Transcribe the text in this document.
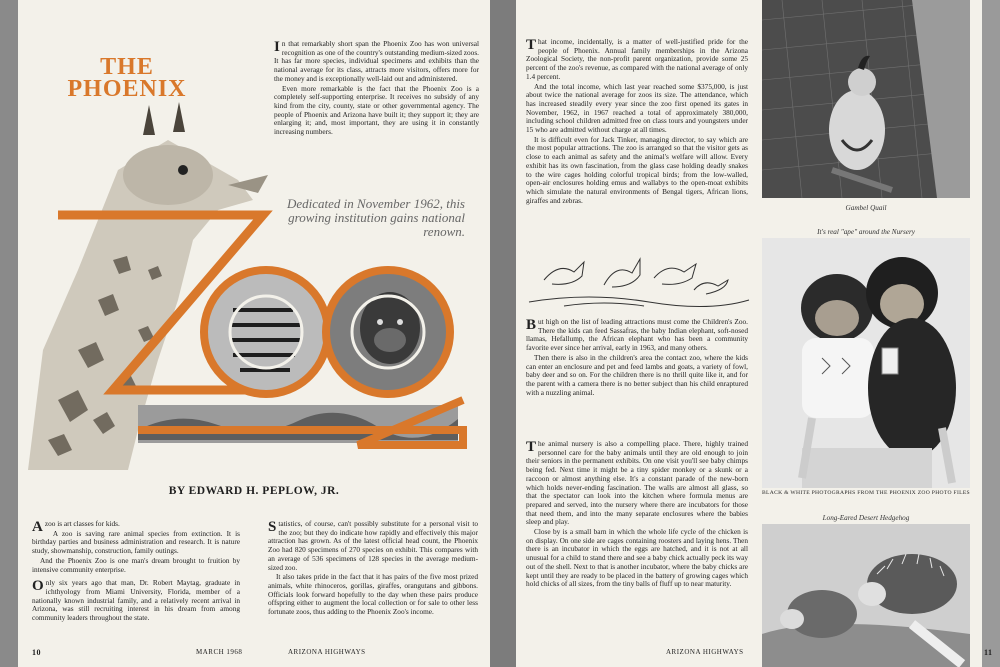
THE PHOENIX
Dedicated in November 1962, this growing institution gains national renown.

In that remarkably short span the Phoenix Zoo has won universal recognition as one of the country's outstanding medium-sized zoos. It has far more species, individual specimens and exhibits than the national average for its class, attracts more visitors, offers more for the money and is exceptionally well-laid out and administered.

Even more remarkable is the fact that the Phoenix Zoo is a completely self-supporting enterprise. It receives no subsidy of any kind from the city, county, state or other governmental agency. The people of Phoenix and Arizona have built it; they support it; they are enlarging it; and, most important, they are using it in constantly increasing numbers.

BY EDWARD H. PEPLOW, JR.

Azoo is art classes for kids.

A zoo is saving rare animal species from extinction. It is birthday parties and business administration and research. It is nature study, showmanship, construction, family outings.

And the Phoenix Zoo is one man's dream brought to fruition by intensive community enterprise.

Only six years ago that man, Dr. Robert Maytag, graduate in ichthyology from Miami University, Florida, member of a nationally known industrial family, and a relatively recent arrival in Arizona, was still recruiting interest in his dream from among community leaders throughout the state.

Statistics, of course, can't possibly substitute for a personal visit to the zoo; but they do indicate how rapidly and effectively this major attraction has grown. As of the latest official head count, the Phoenix Zoo had 820 specimens of 270 species on exhibit. This compares with an average of 536 specimens of 128 species in the average medium-sized zoo.

It also takes pride in the fact that it has pairs of the five most prized animals, white rhinoceros, gorillas, giraffes, orangutans and gibbons. Officials look forward hopefully to the day when these pairs produce offspring either to augment the local collection or for sale to other less fortunate zoos, thus adding to the Phoenix Zoo's income.

10	MARCH 1968	ARIZONA HIGHWAYS

That income, incidentally, is a matter of well-justified pride for the people of Phoenix. Annual family memberships in the Arizona Zoological Society, the non-profit parent organization, provide some 25 percent of the zoo's revenue, as compared with the national average of only 1.4 percent.

And the total income, which last year reached some $375,000, is just about twice the national average for zoos its size. The attendance, which has increased steadily every year since the zoo first opened its gates in November, 1962, in 1967 reached a total of approximately 380,000, including school children admitted free on class tours and youngsters under 15 who are admitted without charge at all times.

It is difficult even for Jack Tinker, managing director, to say which are the most popular attractions. The zoo is arranged so that the visitor gets as close to each animal as safety and the animal's welfare will allow. Every exhibit has its own fascination, from the glass case holding deadly snakes to the wire cages holding colorful tropical birds; from the low-walled, open-air enclosures holding emus and wallabys to the open-moat exhibits which simulate the natural environments of Bengal tigers, African lions, giraffes and zebras.

But high on the list of leading attractions must come the Children's Zoo. There the kids can feed Sassafras, the baby Indian elephant, soft-nosed llamas, Hefallump, the African elephant who has been a community favorite ever since her arrival, early in 1963, and many others.

Then there is also in the children's area the contact zoo, where the kids can enter an enclosure and pet and feed lambs and goats, a variety of fowl, baby deer and so on. For the children there is no thrill quite like it, and for the parent with a camera there is no better subject than his child enraptured with a nuzzling animal.

The animal nursery is also a compelling place. There, highly trained personnel care for the baby animals until they are old enough to join their seniors in the permanent exhibits. On one visit you'll see baby chimps being fed. Next time it might be a tiny spider monkey or a skunk or a raccoon or almost anything else. It's a constant parade of the new-born which holds never-ending fascination. The walls are almost all glass, so that the spectator can look into the kitchen where formula menus are prepared and served, into the nursery where there are incubators for those that need them, and into the many separate enclosures where the babies sleep and play.

Close by is a small barn in which the whole life cycle of the chicken is on display. On one side are cages containing roosters and laying hens. Then there is an incubator in which the eggs are hatched, and it is not at all unusual for a child to stand there and see a baby chick actually peck its way out of the shell. Next to that is another incubator, where the baby chicks are kept until they are ready to be placed in the battery of growing cages which hold chicks of all sizes, from the tiny balls of fluff up to near maturity.

Gambel Quail
It's real "ape" around the Nursery
BLACK & WHITE PHOTOGRAPHS FROM THE PHOENIX ZOO PHOTO FILES
Long-Eared Desert Hedgehog
ARIZONA HIGHWAYS	11
